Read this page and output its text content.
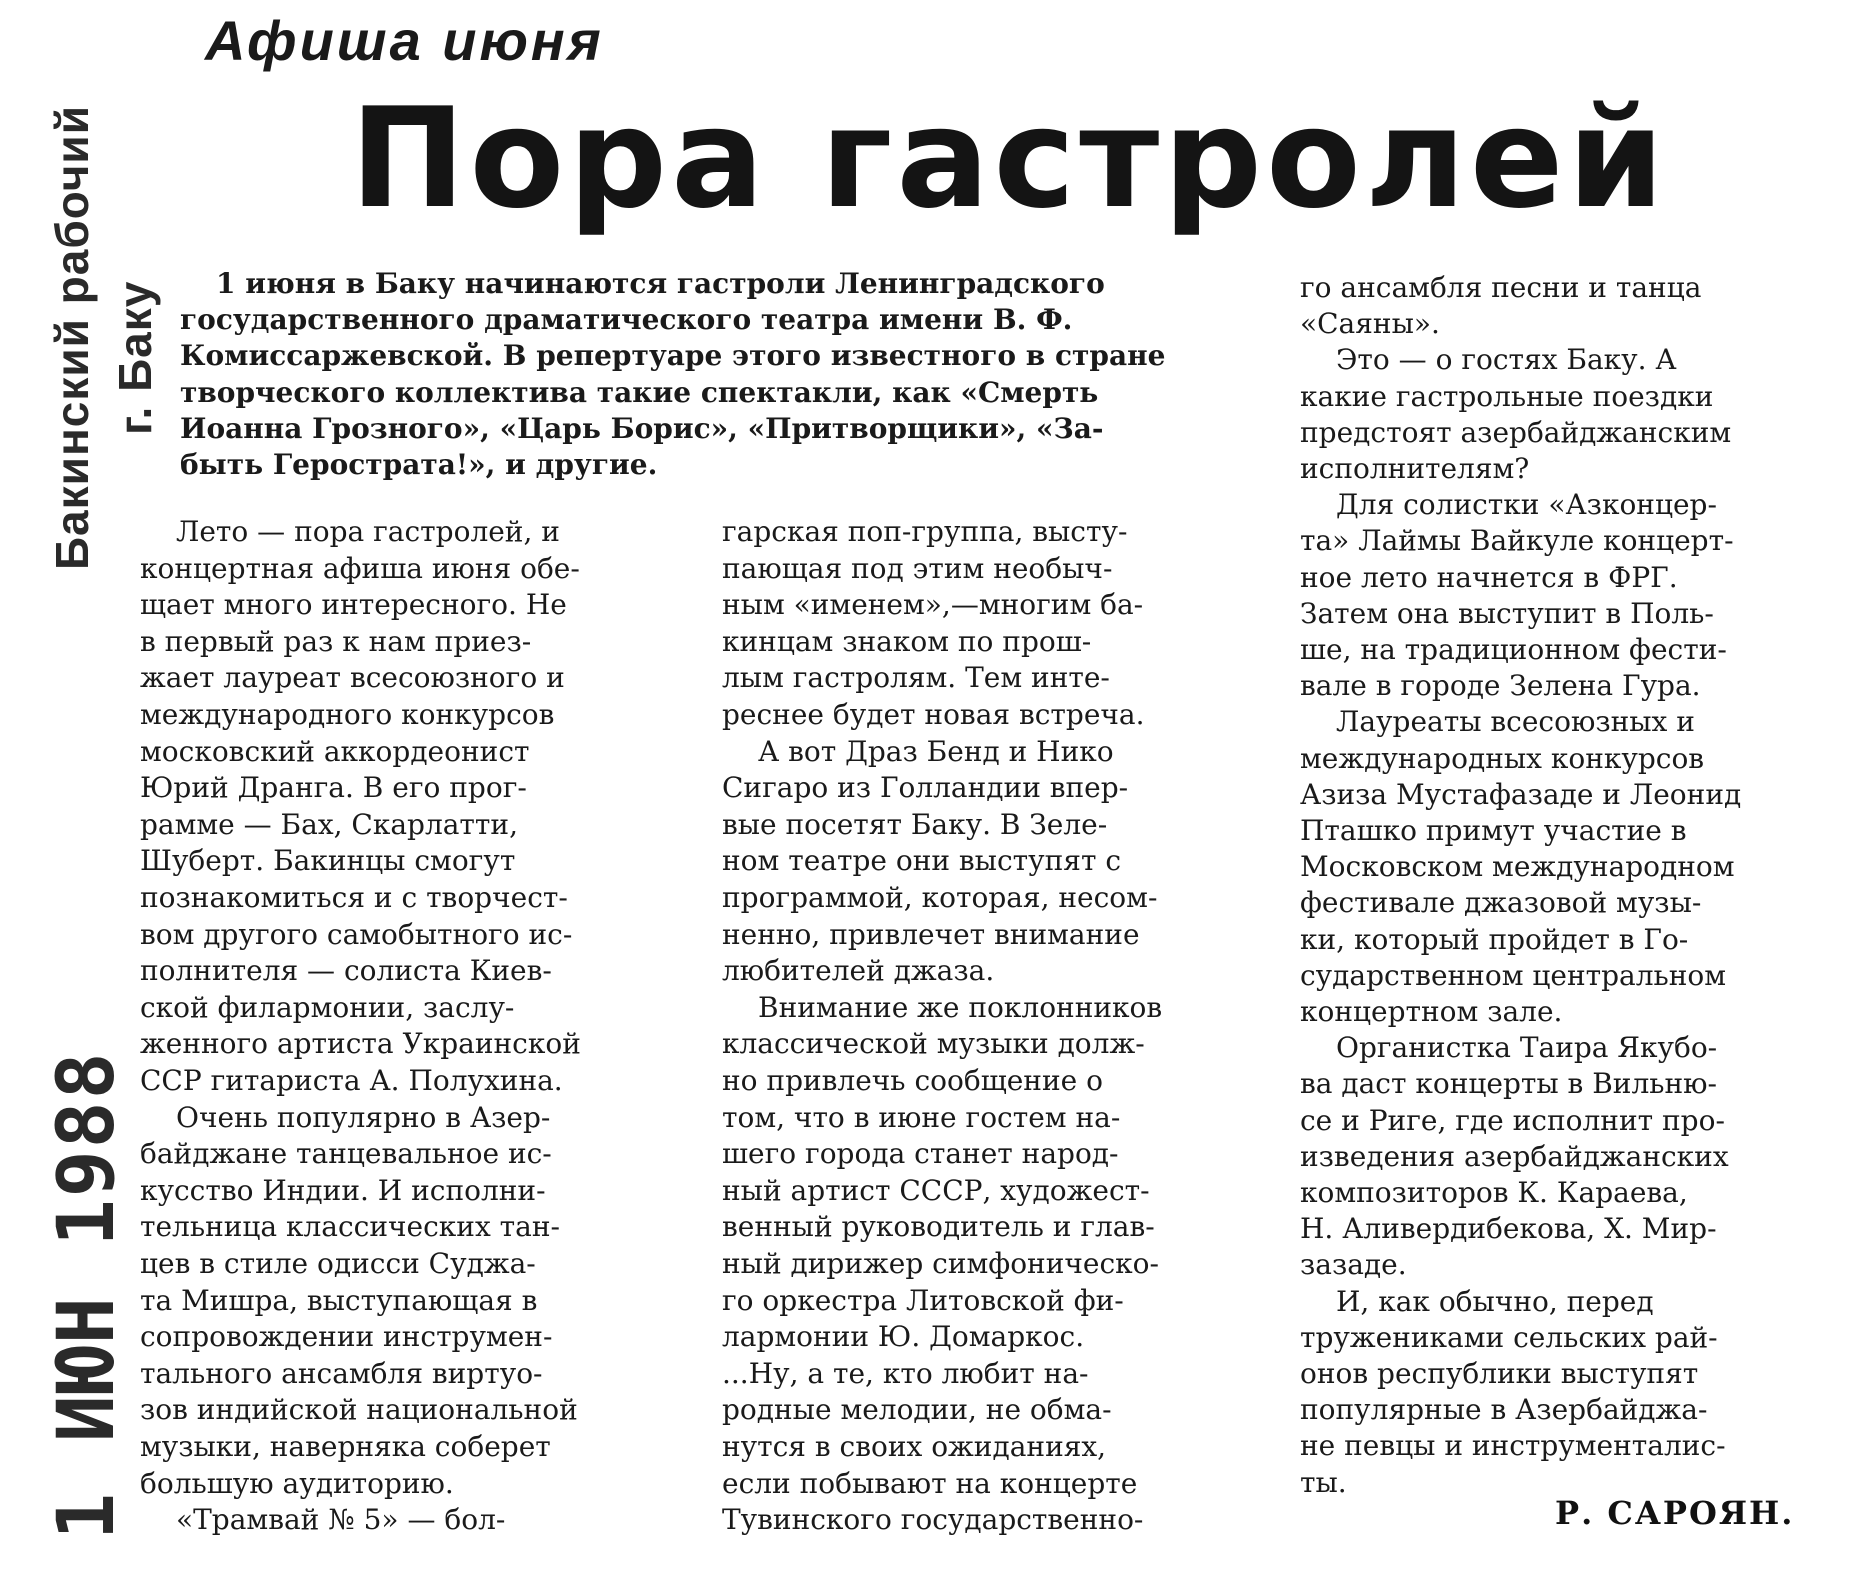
Афиша июня
Пора гастролей
Бакинский рабочий г. Баку
1 ИЮН 1988
1 июня в Баку начинаются гастроли Ленинградского
государственного драматического театра имени В. Ф.
Комиссаржевской. В репертуаре этого известного в стране
творческого коллектива такие спектакли, как «Смерть
Иоанна Грозного», «Царь Борис», «Притворщики», «За-
быть Герострата!», и другие.
Лето — пора гастролей, и
концертная афиша июня обе-
щает много интересного. Не
в первый раз к нам приез-
жает лауреат всесоюзного и
международного конкурсов
московский аккордеонист
Юрий Дранга. В его прог-
рамме — Бах, Скарлатти,
Шуберт. Бакинцы смогут
познакомиться и с творчест-
вом другого самобытного ис-
полнителя — солиста Киев-
ской филармонии, заслу-
женного артиста Украинской
ССР гитариста А. Полухина.
Очень популярно в Азер-
байджане танцевальное ис-
кусство Индии. И исполни-
тельница классических тан-
цев в стиле одисси Суджа-
та Мишра, выступающая в
сопровождении инструмен-
тального ансамбля виртуо-
зов индийской национальной
музыки, наверняка соберет
большую аудиторию.
«Трамвай № 5» — бол-
гарская поп-группа, высту-
пающая под этим необыч-
ным «именем»,—многим ба-
кинцам знаком по прош-
лым гастролям. Тем инте-
реснее будет новая встреча.
А вот Драз Бенд и Нико
Сигаро из Голландии впер-
вые посетят Баку. В Зеле-
ном театре они выступят с
программой, которая, несом-
ненно, привлечет внимание
любителей джаза.
Внимание же поклонников
классической музыки долж-
но привлечь сообщение о
том, что в июне гостем на-
шего города станет народ-
ный артист СССР, художест-
венный руководитель и глав-
ный дирижер симфоническо-
го оркестра Литовской фи-
лармонии Ю. Домаркос.
...Ну, а те, кто любит на-
родные мелодии, не обма-
нутся в своих ожиданиях,
если побывают на концерте
Тувинского государственно-
го ансамбля песни и танца
«Саяны».
Это — о гостях Баку. А
какие гастрольные поездки
предстоят азербайджанским
исполнителям?
Для солистки «Азконцер-
та» Лаймы Вайкуле концерт-
ное лето начнется в ФРГ.
Затем она выступит в Поль-
ше, на традиционном фести-
вале в городе Зелена Гура.
Лауреаты всесоюзных и
международных конкурсов
Азиза Мустафазаде и Леонид
Пташко примут участие в
Московском международном
фестивале джазовой музы-
ки, который пройдет в Го-
сударственном центральном
концертном зале.
Органистка Таира Якубо-
ва даст концерты в Вильню-
се и Риге, где исполнит про-
изведения азербайджанских
композиторов К. Караева,
Н. Аливердибекова, Х. Мир-
зазаде.
И, как обычно, перед
тружениками сельских рай-
онов республики выступят
популярные в Азербайджа-
не певцы и инструменталис-
ты.
Р. САРОЯН.
